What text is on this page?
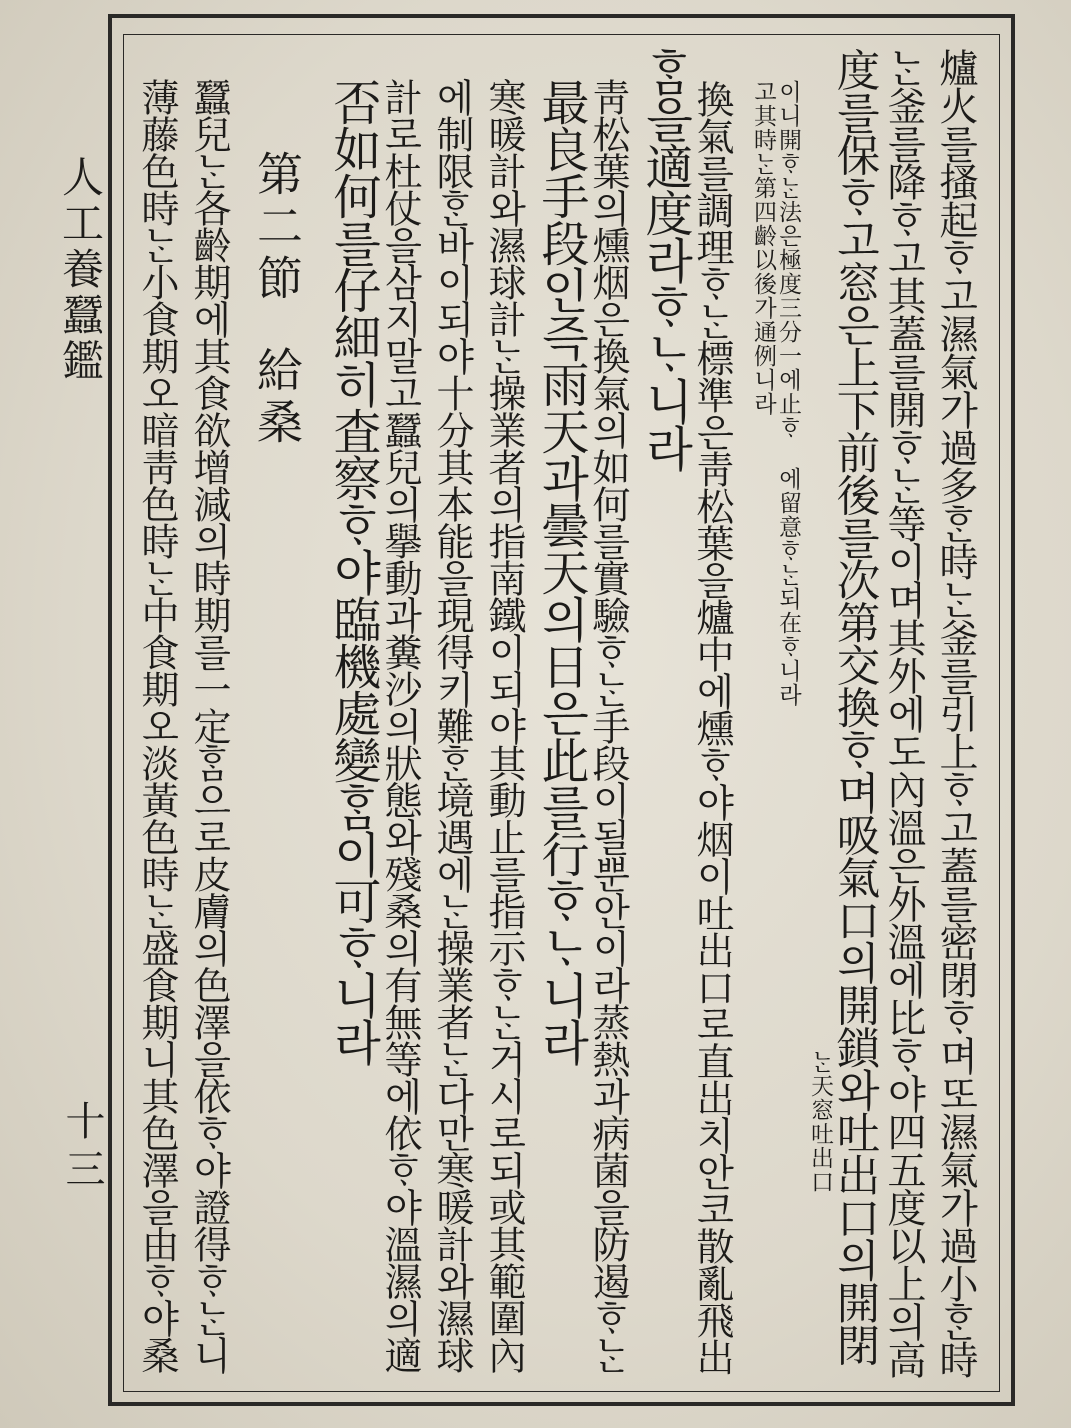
人工養蠶鑑
十三	爐火를搔起ᄒᆞ고濕氣가過多ᄒᆞᆫ時ᄂᆞᆫ釜를引上ᄒᆞ고蓋를密閉ᄒᆞ며또濕氣가過小ᄒᆞᆫ時
ᄂᆞᆫ釜를降ᄒᆞ고其蓋를開ᄒᆞᄂᆞᆫ等이며其外에도內溫은外溫에比ᄒᆞ야四五度以上의高
度를保ᄒᆞ고窓은上下前後를次第交換ᄒᆞ며吸氣口의開鎖와吐出口의開閉
ᄂᆞᆫ天窓吐出口
이니開ᄒᆞᄂᆞᆫ法은極度三分一에止ᄒᆞ 에留意ᄒᆞᄂᆞᆫ되在ᄒᆞ니라
고其時ᄂᆞᆫ第四齡以後가通例니라
換氣를調理ᄒᆞᄂᆞᆫ標準은靑松葉을爐中에燻ᄒᆞ야烟이吐出口로直出치안코散亂飛出
ᄒᆞᆷ을適度라ᄒᆞᄂᆞ니라
靑松葉의燻烟은換氣의如何를實驗ᄒᆞᄂᆞᆫ手段이될뿐안이라蒸熱과病菌을防遏ᄒᆞᄂᆞᆫ
最良手段인즉雨天과曇天의日은此를行ᄒᆞᄂᆞ니라
寒暖計와濕球計ᄂᆞᆫ操業者의指南鐵이되야其動止를指示ᄒᆞᄂᆞᆫ거시로되或其範圍內
에制限ᄒᆞᆫ바이되야十分其本能을現得키難ᄒᆞᆫ境遇에ᄂᆞᆫ操業者ᄂᆞᆫ다만寒暖計와濕球
計로杜仗을삼지말고蠶兒의擧動과糞沙의狀態와殘桑의有無等에依ᄒᆞ야溫濕의適
否如何를仔細히査察ᄒᆞ야臨機處變ᄒᆞᆷ이可ᄒᆞ니라
第二節給桑
蠶兒ᄂᆞᆫ各齡期에其食欲增減의時期를一定ᄒᆞᆷ으로皮膚의色澤을依ᄒᆞ야證得ᄒᆞᄂᆞᆫ니
薄藤色時ᄂᆞᆫ小食期오暗靑色時ᄂᆞᆫ中食期오淡黃色時ᄂᆞᆫ盛食期니其色澤을由ᄒᆞ야桑
